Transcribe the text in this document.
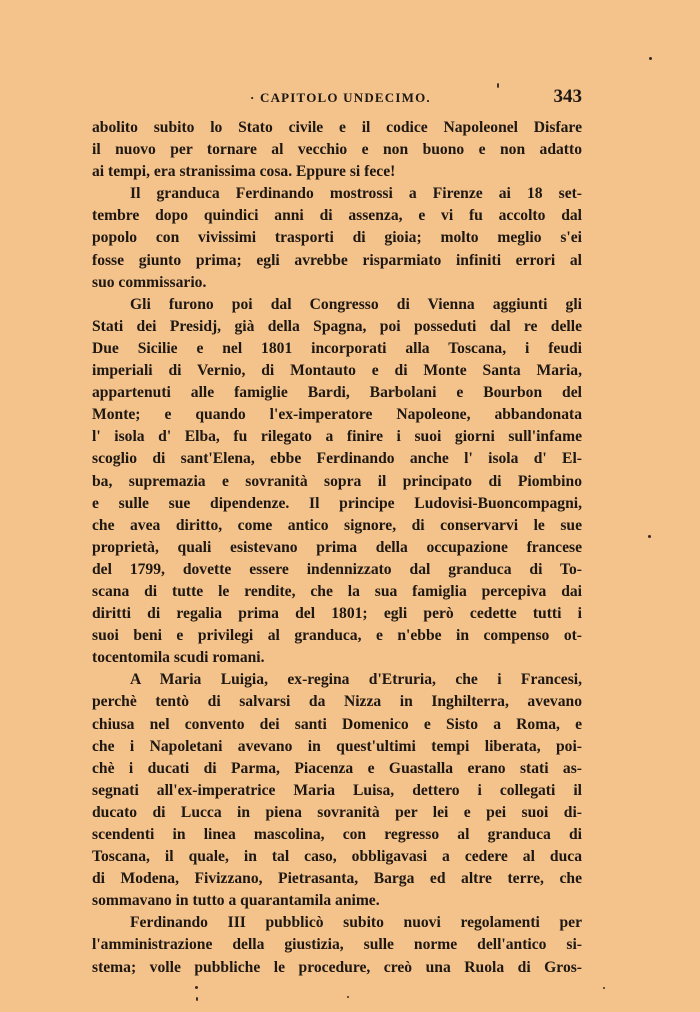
· CAPITOLO UNDECIMO.	343
abolito subito lo Stato civile e il codice Napoleonel Disfare
il nuovo per tornare al vecchio e non buono e non adatto
ai tempi, era stranissima cosa. Eppure si fece!
Il granduca Ferdinando mostrossi a Firenze ai 18 set-
tembre dopo quindici anni di assenza, e vi fu accolto dal
popolo con vivissimi trasporti di gioia; molto meglio s'ei
fosse giunto prima; egli avrebbe risparmiato infiniti errori al
suo commissario.
Gli furono poi dal Congresso di Vienna aggiunti gli
Stati dei Presidj, già della Spagna, poi posseduti dal re delle
Due Sicilie e nel 1801 incorporati alla Toscana, i feudi
imperiali di Vernio, di Montauto e di Monte Santa Maria,
appartenuti alle famiglie Bardi, Barbolani e Bourbon del
Monte; e quando l'ex-imperatore Napoleone, abbandonata
l' isola d' Elba, fu rilegato a finire i suoi giorni sull'infame
scoglio di sant'Elena, ebbe Ferdinando anche l' isola d' El-
ba, supremazia e sovranità sopra il principato di Piombino
e sulle sue dipendenze. Il principe Ludovisi-Buoncompagni,
che avea diritto, come antico signore, di conservarvi le sue
proprietà, quali esistevano prima della occupazione francese
del 1799, dovette essere indennizzato dal granduca di To-
scana di tutte le rendite, che la sua famiglia percepiva dai
diritti di regalia prima del 1801; egli però cedette tutti i
suoi beni e privilegi al granduca, e n'ebbe in compenso ot-
tocentomila scudi romani.
A Maria Luigia, ex-regina d'Etruria, che i Francesi,
perchè tentò di salvarsi da Nizza in Inghilterra, avevano
chiusa nel convento dei santi Domenico e Sisto a Roma, e
che i Napoletani avevano in quest'ultimi tempi liberata, poi-
chè i ducati di Parma, Piacenza e Guastalla erano stati as-
segnati all'ex-imperatrice Maria Luisa, dettero i collegati il
ducato di Lucca in piena sovranità per lei e pei suoi di-
scendenti in linea mascolina, con regresso al granduca di
Toscana, il quale, in tal caso, obbligavasi a cedere al duca
di Modena, Fivizzano, Pietrasanta, Barga ed altre terre, che
sommavano in tutto a quarantamila anime.
Ferdinando III pubblicò subito nuovi regolamenti per
l'amministrazione della giustizia, sulle norme dell'antico si-
stema; volle pubbliche le procedure, creò una Ruola di Gros-
